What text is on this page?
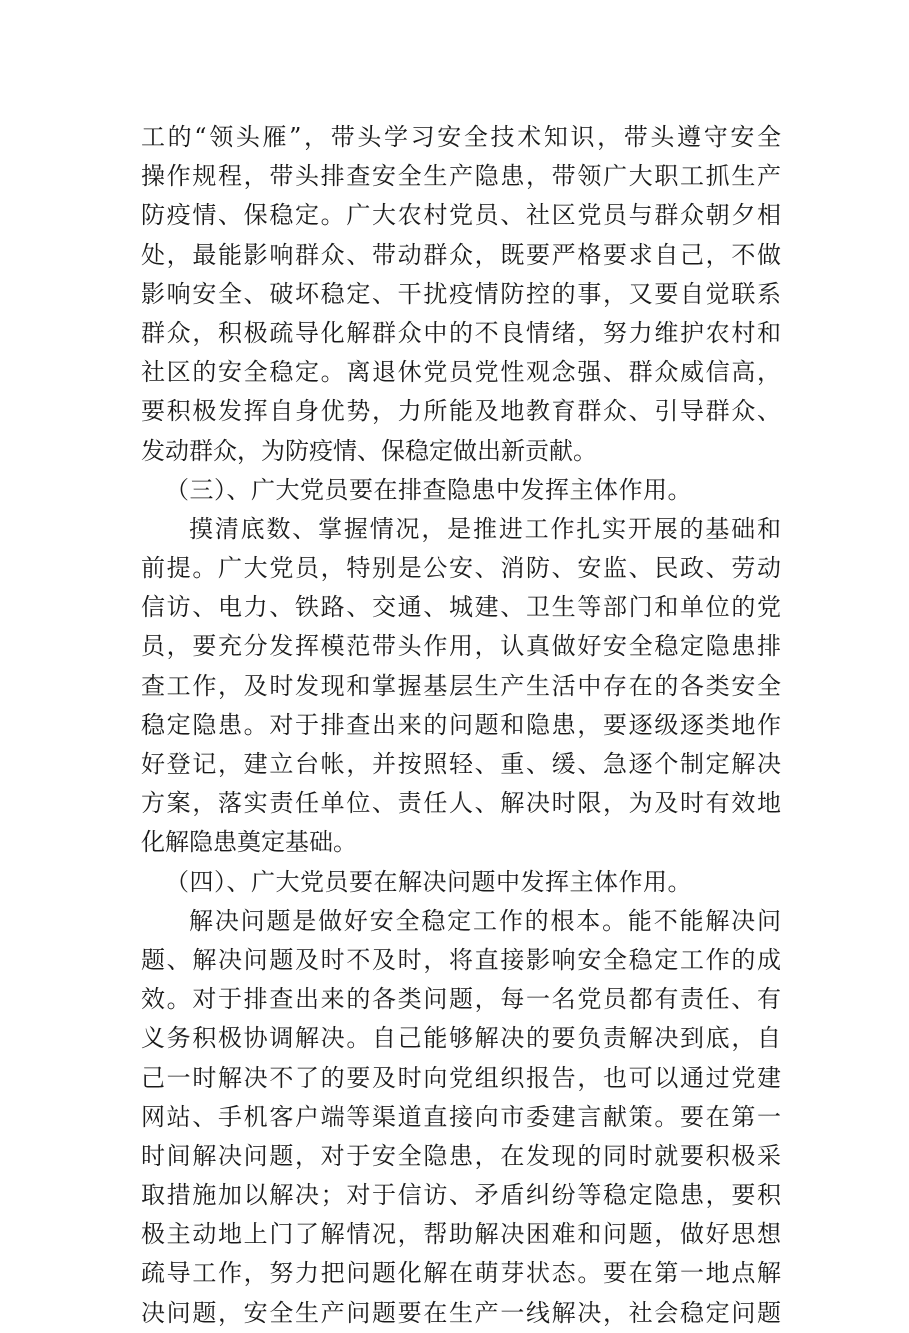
工的“领头雁”，带头学习安全技术知识，带头遵守安全
操作规程，带头排查安全生产隐患，带领广大职工抓生产
防疫情、保稳定。广大农村党员、社区党员与群众朝夕相
处，最能影响群众、带动群众，既要严格要求自己，不做
影响安全、破坏稳定、干扰疫情防控的事，又要自觉联系
群众，积极疏导化解群众中的不良情绪，努力维护农村和
社区的安全稳定。离退休党员党性观念强、群众威信高，
要积极发挥自身优势，力所能及地教育群众、引导群众、
发动群众，为防疫情、保稳定做出新贡献。
（三）、广大党员要在排查隐患中发挥主体作用。
摸清底数、掌握情况，是推进工作扎实开展的基础和
前提。广大党员，特别是公安、消防、安监、民政、劳动
信访、电力、铁路、交通、城建、卫生等部门和单位的党
员，要充分发挥模范带头作用，认真做好安全稳定隐患排
查工作，及时发现和掌握基层生产生活中存在的各类安全
稳定隐患。对于排查出来的问题和隐患，要逐级逐类地作
好登记，建立台帐，并按照轻、重、缓、急逐个制定解决
方案，落实责任单位、责任人、解决时限，为及时有效地
化解隐患奠定基础。
（四）、广大党员要在解决问题中发挥主体作用。
解决问题是做好安全稳定工作的根本。能不能解决问
题、解决问题及时不及时，将直接影响安全稳定工作的成
效。对于排查出来的各类问题，每一名党员都有责任、有
义务积极协调解决。自己能够解决的要负责解决到底，自
己一时解决不了的要及时向党组织报告，也可以通过党建
网站、手机客户端等渠道直接向市委建言献策。要在第一
时间解决问题，对于安全隐患，在发现的同时就要积极采
取措施加以解决；对于信访、矛盾纠纷等稳定隐患，要积
极主动地上门了解情况，帮助解决困难和问题，做好思想
疏导工作，努力把问题化解在萌芽状态。要在第一地点解
决问题，安全生产问题要在生产一线解决，社会稳定问题
